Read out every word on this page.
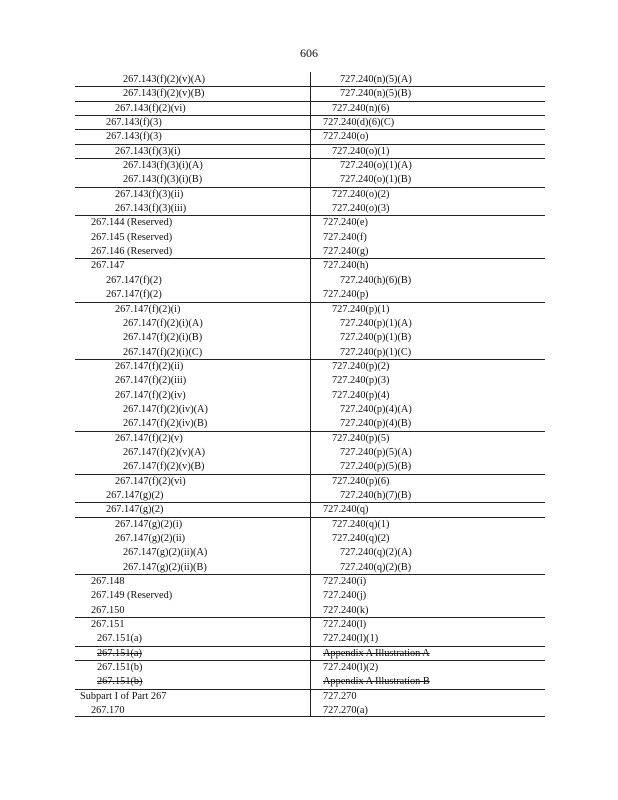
606
267.143(f)(2)(v)(A)	727.240(n)(5)(A)
267.143(f)(2)(v)(B)	727.240(n)(5)(B)
267.143(f)(2)(vi)	727.240(n)(6)
267.143(f)(3)	727.240(d)(6)(C)
267.143(f)(3)	727.240(o)
267.143(f)(3)(i)	727.240(o)(1)
267.143(f)(3)(i)(A)	727.240(o)(1)(A)
267.143(f)(3)(i)(B)	727.240(o)(1)(B)
267.143(f)(3)(ii)	727.240(o)(2)
267.143(f)(3)(iii)	727.240(o)(3)
267.144 (Reserved)	727.240(e)
267.145 (Reserved)	727.240(f)
267.146 (Reserved)	727.240(g)
267.147	727.240(h)
267.147(f)(2)	727.240(h)(6)(B)
267.147(f)(2)	727.240(p)
267.147(f)(2)(i)	727.240(p)(1)
267.147(f)(2)(i)(A)	727.240(p)(1)(A)
267.147(f)(2)(i)(B)	727.240(p)(1)(B)
267.147(f)(2)(i)(C)	727.240(p)(1)(C)
267.147(f)(2)(ii)	727.240(p)(2)
267.147(f)(2)(iii)	727.240(p)(3)
267.147(f)(2)(iv)	727.240(p)(4)
267.147(f)(2)(iv)(A)	727.240(p)(4)(A)
267.147(f)(2)(iv)(B)	727.240(p)(4)(B)
267.147(f)(2)(v)	727.240(p)(5)
267.147(f)(2)(v)(A)	727.240(p)(5)(A)
267.147(f)(2)(v)(B)	727.240(p)(5)(B)
267.147(f)(2)(vi)	727.240(p)(6)
267.147(g)(2)	727.240(h)(7)(B)
267.147(g)(2)	727.240(q)
267.147(g)(2)(i)	727.240(q)(1)
267.147(g)(2)(ii)	727.240(q)(2)
267.147(g)(2)(ii)(A)	727.240(q)(2)(A)
267.147(g)(2)(ii)(B)	727.240(q)(2)(B)
267.148	727.240(i)
267.149 (Reserved)	727.240(j)
267.150	727.240(k)
267.151	727.240(l)
267.151(a)	727.240(l)(1)
267.151(a)	Appendix A Illustration A
267.151(b)	727.240(l)(2)
267.151(b)	Appendix A Illustration B
Subpart I of Part 267	727.270
267.170	727.270(a)
